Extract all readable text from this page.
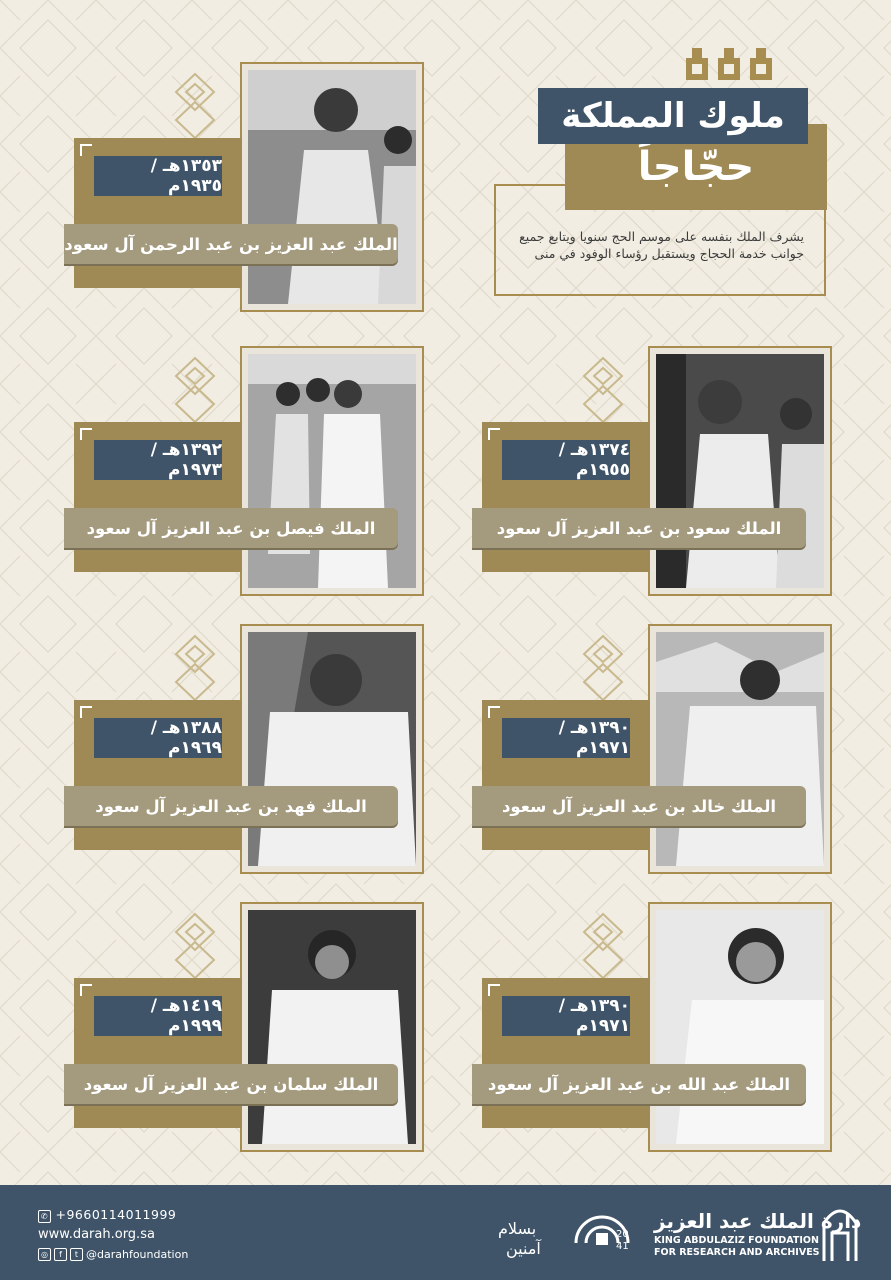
حجّاجاً
ملوك المملكة
يشرف الملك بنفسه على موسم الحج سنويا ويتابع جميع جوانب خدمة الحجاج ويستقبل رؤساء الوفود في منى
١٣٥٣هـ / ١٩٣٥م
الملك عبد العزيز بن عبد الرحمن آل سعود
١٣٧٤هـ / ١٩٥٥م
الملك سعود بن عبد العزيز آل سعود
١٣٩٢هـ / ١٩٧٣م
الملك فيصل بن عبد العزيز آل سعود
١٣٩٠هـ / ١٩٧١م
الملك خالد بن عبد العزيز آل سعود
١٣٨٨هـ / ١٩٦٩م
الملك فهد بن عبد العزيز آل سعود
١٣٩٠هـ / ١٩٧١م
الملك عبد الله بن عبد العزيز آل سعود
١٤١٩هـ / ١٩٩٩م
الملك سلمان بن عبد العزيز آل سعود
✆ +9660114011999
www.darah.org.sa
◎	f	t @darahfoundation
بسلام
آمنين
20
41
دارة الملك عبد العزيز
KING ABDULAZIZ FOUNDATION
FOR RESEARCH AND ARCHIVES
